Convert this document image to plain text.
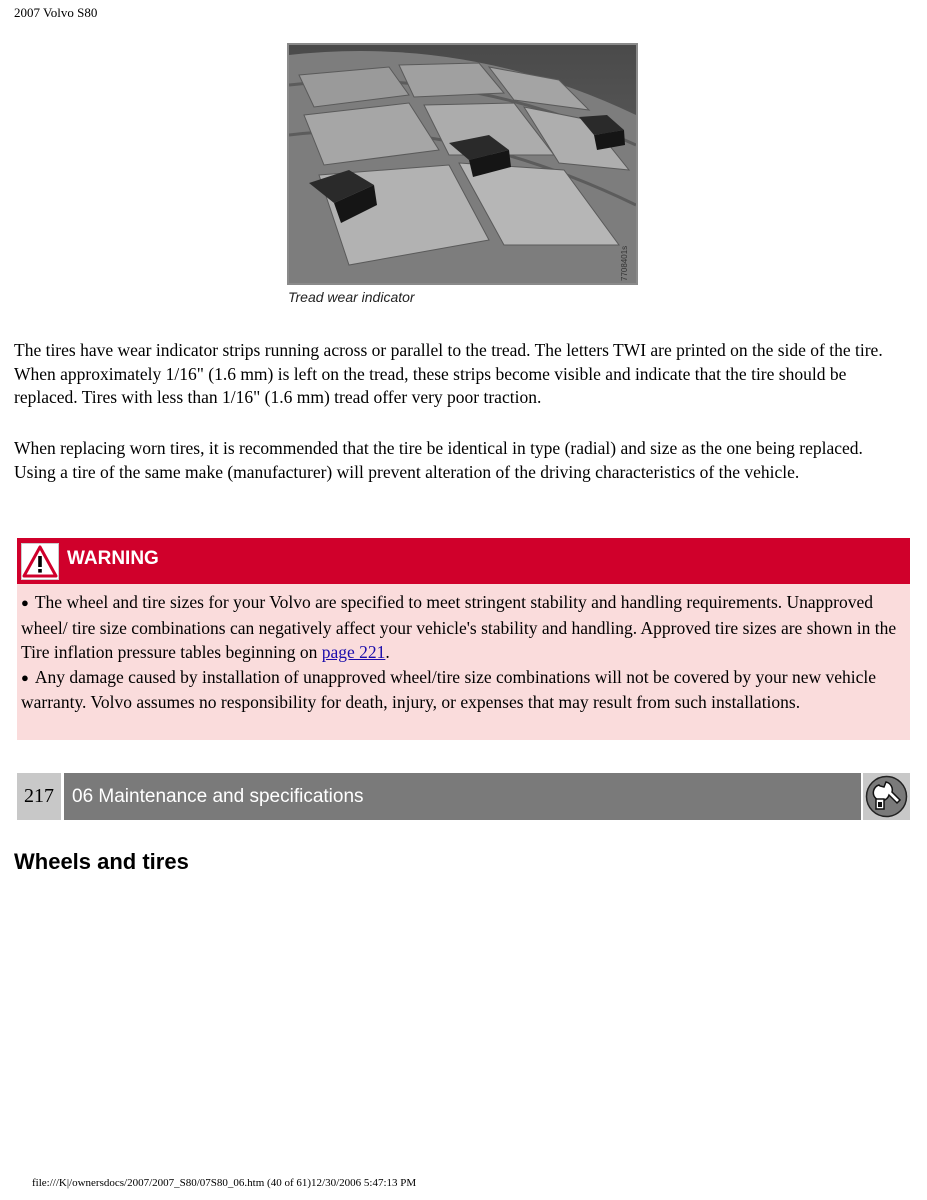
2007 Volvo S80
7708401s
Tread wear indicator

The tires have wear indicator strips running across or parallel to the tread. The letters TWI are printed on the side of the tire. When approximately 1/16" (1.6 mm) is left on the tread, these strips become visible and indicate that the tire should be replaced. Tires with less than 1/16" (1.6 mm) tread offer very poor traction.

When replacing worn tires, it is recommended that the tire be identical in type (radial) and size as the one being replaced. Using a tire of the same make (manufacturer) will prevent alteration of the driving characteristics of the vehicle.

WARNING

● The wheel and tire sizes for your Volvo are specified to meet stringent stability and handling requirements. Unapproved wheel/ tire size combinations can negatively affect your vehicle's stability and handling. Approved tire sizes are shown in the Tire inflation pressure tables beginning on page 221.

● Any damage caused by installation of unapproved wheel/tire size combinations will not be covered by your new vehicle warranty. Volvo assumes no responsibility for death, injury, or expenses that may result from such installations.

217 06 Maintenance and specifications
Wheels and tires
file:///K|/ownersdocs/2007/2007_S80/07S80_06.htm (40 of 61)12/30/2006 5:47:13 PM
